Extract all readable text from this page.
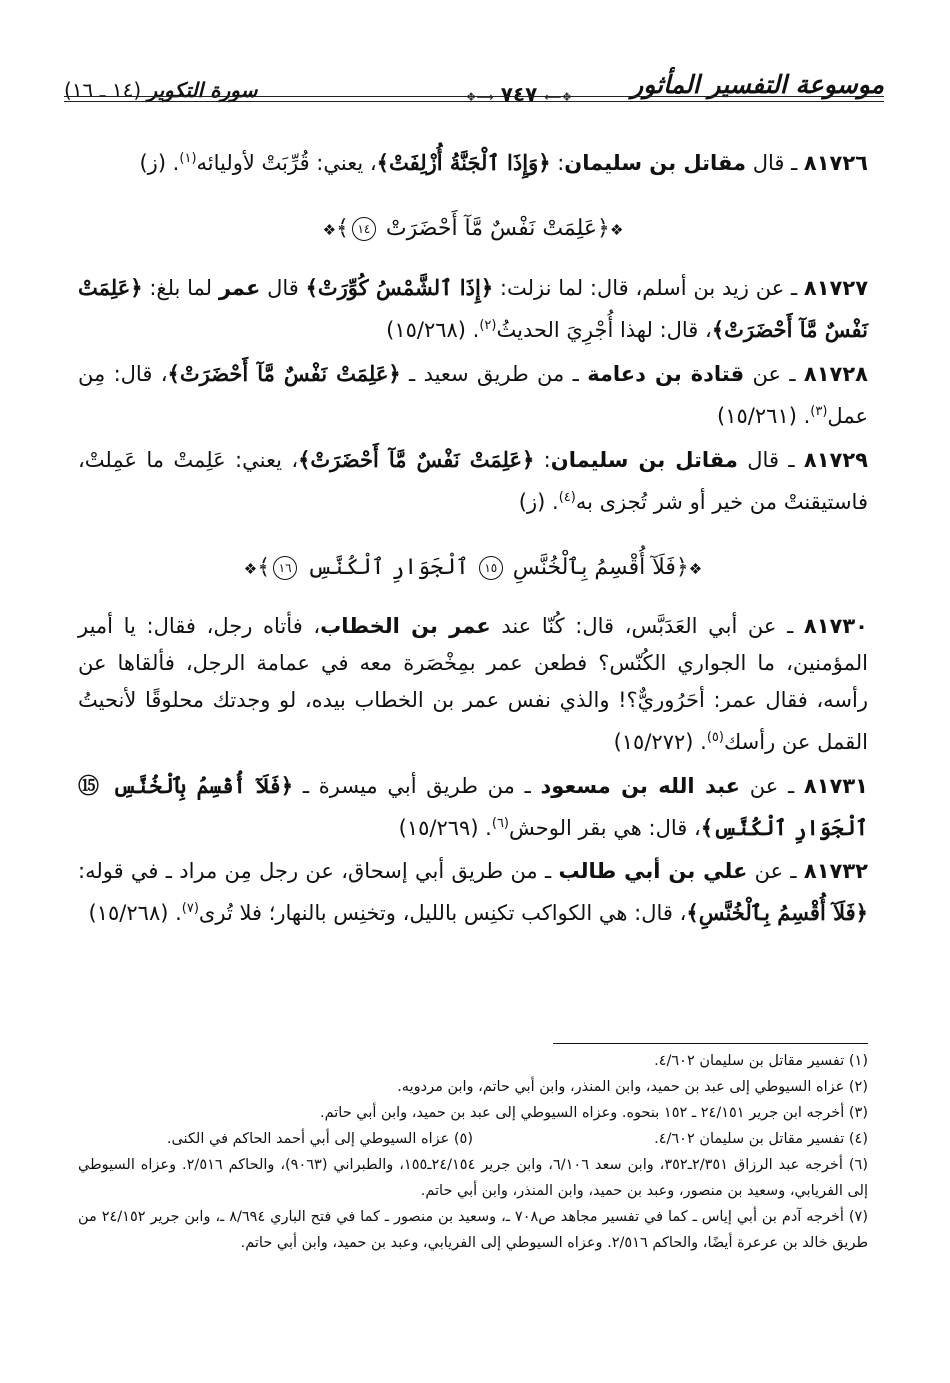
موسوعة التفسير المأثور
❖⟵ ٧٤٧ ⟶❖
سورة التكوير (١٤ ـ ١٦)

٨١٧٢٦ ـ قال مقاتل بن سليمان: ﴿وَإِذَا ٱلْجَنَّةُ أُزْلِفَتْ﴾، يعني: قُرِّبَتْ لأوليائه$^{(١)}$. (ز)

❖﴿عَلِمَتْ نَفْسٌ مَّآ أَحْضَرَتْ ١٤﴾❖

٨١٧٢٧ ـ عن زيد بن أسلم، قال: لما نزلت: ﴿إِذَا ٱلشَّمْسُ كُوِّرَتْ﴾ قال عمر لما بلغ: ﴿عَلِمَتْ نَفْسٌ مَّآ أَحْضَرَتْ﴾، قال: لهذا أُجْرِيَ الحديثُ$^{(٢)}$. (١٥/٢٦٨)

٨١٧٢٨ ـ عن قتادة بن دعامة ـ من طريق سعيد ـ ﴿عَلِمَتْ نَفْسٌ مَّآ أَحْضَرَتْ﴾، قال: مِن عمل$^{(٣)}$. (١٥/٢٦١)

٨١٧٢٩ ـ قال مقاتل بن سليمان: ﴿عَلِمَتْ نَفْسٌ مَّآ أَحْضَرَتْ﴾، يعني: عَلِمتْ ما عَمِلتْ، فاستيقنتْ من خير أو شر تُجزى به$^{(٤)}$. (ز)

❖﴿فَلَآ أُقْسِمُ بِٱلْخُنَّسِ ١٥ ٱلْجَوَارِ ٱلْكُنَّسِ ١٦﴾❖

٨١٧٣٠ ـ عن أبي العَدَبَّس، قال: كُنّا عند عمر بن الخطاب، فأتاه رجل، فقال: يا أمير المؤمنين، ما الجواري الكُنّس؟ فطعن عمر بمِخْصَرة معه في عمامة الرجل، فألقاها عن رأسه، فقال عمر: أحَرُوريٌّ؟! والذي نفس عمر بن الخطاب بيده، لو وجدتك محلوقًا لأنحيتُ القمل عن رأسك$^{(٥)}$. (١٥/٢٧٢)

٨١٧٣١ ـ عن عبد الله بن مسعود ـ من طريق أبي ميسرة ـ ﴿فَلَآ أُقْسِمُ بِٱلْخُنَّسِ ⑮ ٱلْجَوَارِ ٱلْكُنَّسِ﴾، قال: هي بقر الوحش$^{(٦)}$. (١٥/٢٦٩)

٨١٧٣٢ ـ عن علي بن أبي طالب ـ من طريق أبي إسحاق، عن رجل مِن مراد ـ في قوله: ﴿فَلَآ أُقْسِمُ بِٱلْخُنَّسِ﴾، قال: هي الكواكب تكنِس بالليل، وتخنِس بالنهار؛ فلا تُرى$^{(٧)}$. (١٥/٢٦٨)

(١) تفسير مقاتل بن سليمان ٤/٦٠٢.

(٢) عزاه السيوطي إلى عبد بن حميد، وابن المنذر، وابن أبي حاتم، وابن مردويه.

(٣) أخرجه ابن جرير ٢٤/١٥١ ـ ١٥٢ بنحوه. وعزاه السيوطي إلى عبد بن حميد، وابن أبي حاتم.

(٤) تفسير مقاتل بن سليمان ٤/٦٠٢.

(٥) عزاه السيوطي إلى أبي أحمد الحاكم في الكنى.

(٦) أخرجه عبد الرزاق ٢/٣٥١ـ٣٥٢، وابن سعد ٦/١٠٦، وابن جرير ٢٤/١٥٤ـ١٥٥، والطبراني (٩٠٦٣)، والحاكم ٢/٥١٦. وعزاه السيوطي إلى الفريابي، وسعيد بن منصور، وعبد بن حميد، وابن المنذر، وابن أبي حاتم.

(٧) أخرجه آدم بن أبي إياس ـ كما في تفسير مجاهد ص٧٠٨ ـ، وسعيد بن منصور ـ كما في فتح الباري ٨/٦٩٤ ـ، وابن جرير ٢٤/١٥٢ من طريق خالد بن عرعرة أيضًا، والحاكم ٢/٥١٦. وعزاه السيوطي إلى الفريابي، وعبد بن حميد، وابن أبي حاتم.
